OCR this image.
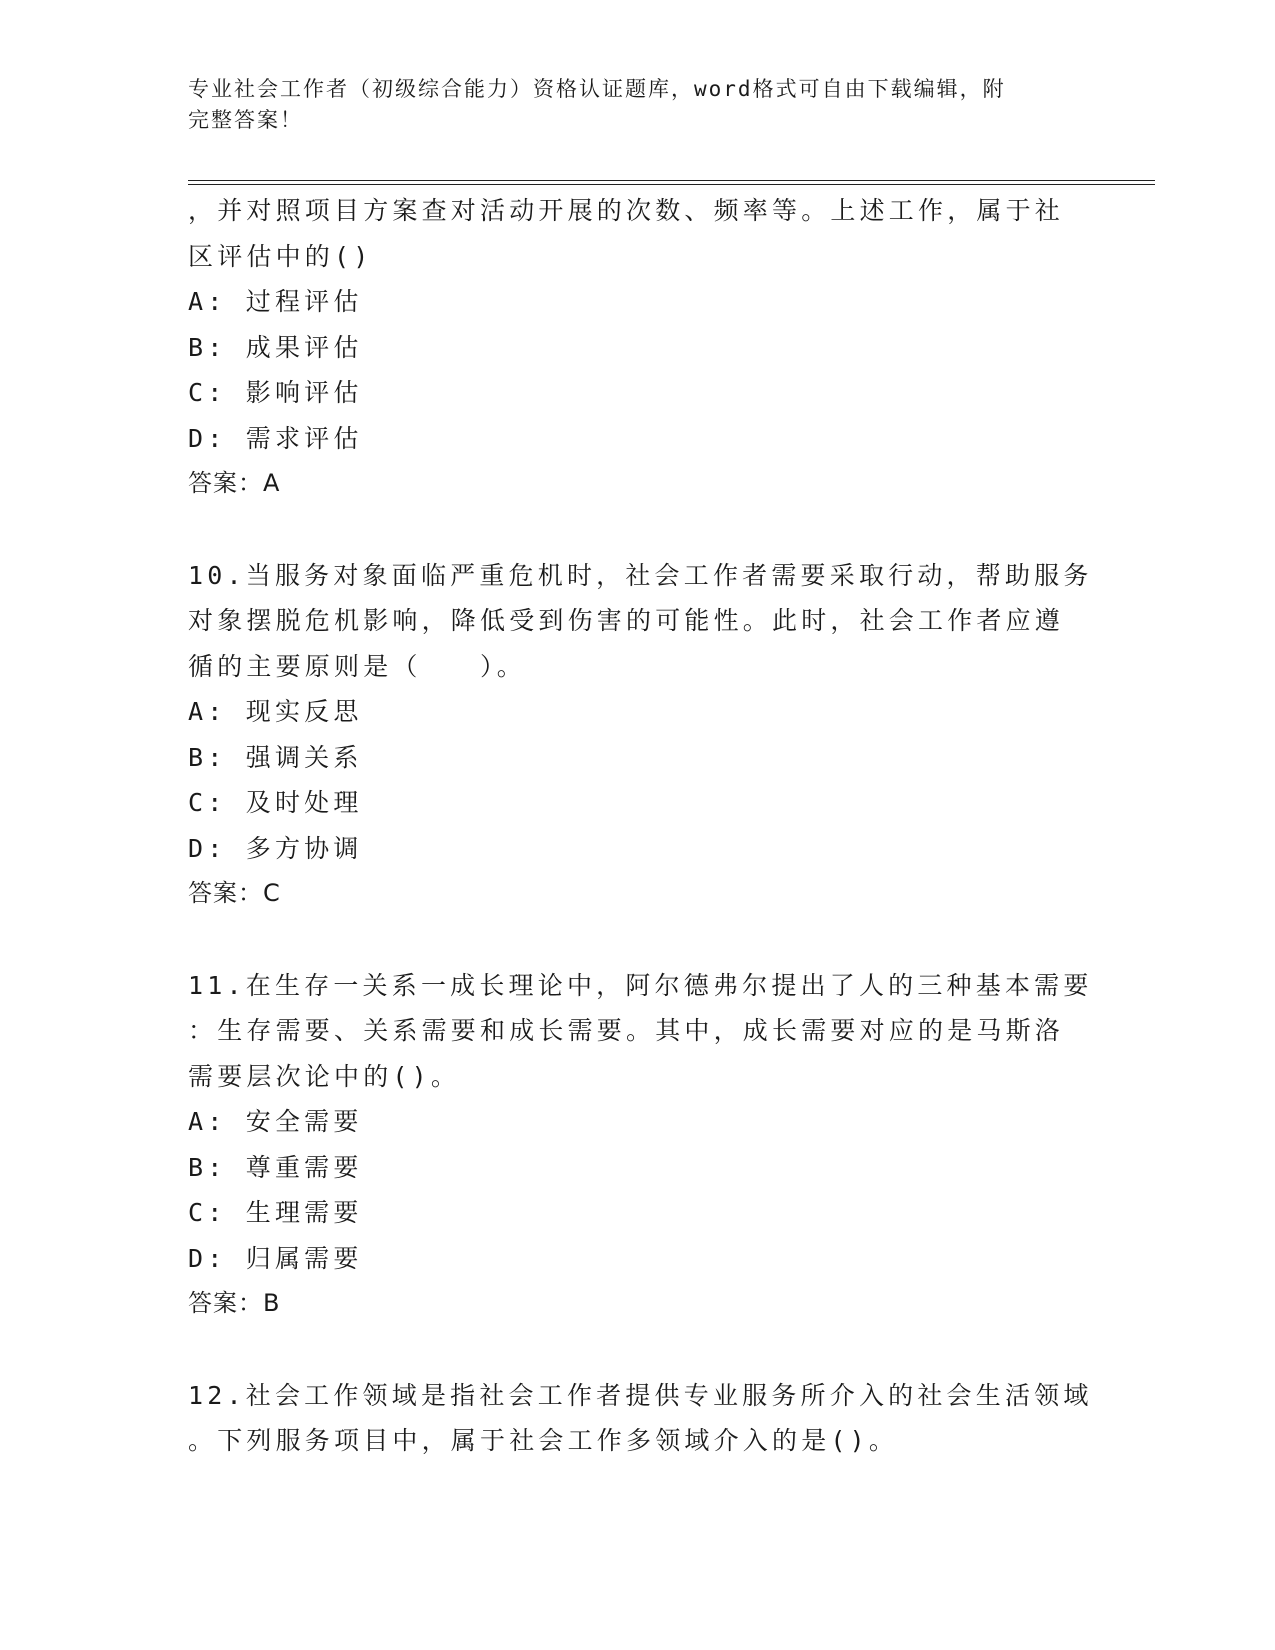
专业社会工作者（初级综合能力）资格认证题库，word格式可自由下载编辑，附
完整答案！
，并对照项目方案查对活动开展的次数、频率等。上述工作，属于社
区评估中的()
A: 过程评估
B: 成果评估
C: 影响评估
D: 需求评估
答案：A
10.当服务对象面临严重危机时，社会工作者需要采取行动，帮助服务
对象摆脱危机影响，降低受到伤害的可能性。此时，社会工作者应遵
循的主要原则是（　　）。
A: 现实反思
B: 强调关系
C: 及时处理
D: 多方协调
答案：C
11.在生存一关系一成长理论中，阿尔德弗尔提出了人的三种基本需要
：生存需要、关系需要和成长需要。其中，成长需要对应的是马斯洛
需要层次论中的()。
A: 安全需要
B: 尊重需要
C: 生理需要
D: 归属需要
答案：B
12.社会工作领域是指社会工作者提供专业服务所介入的社会生活领域
。下列服务项目中，属于社会工作多领域介入的是()。
